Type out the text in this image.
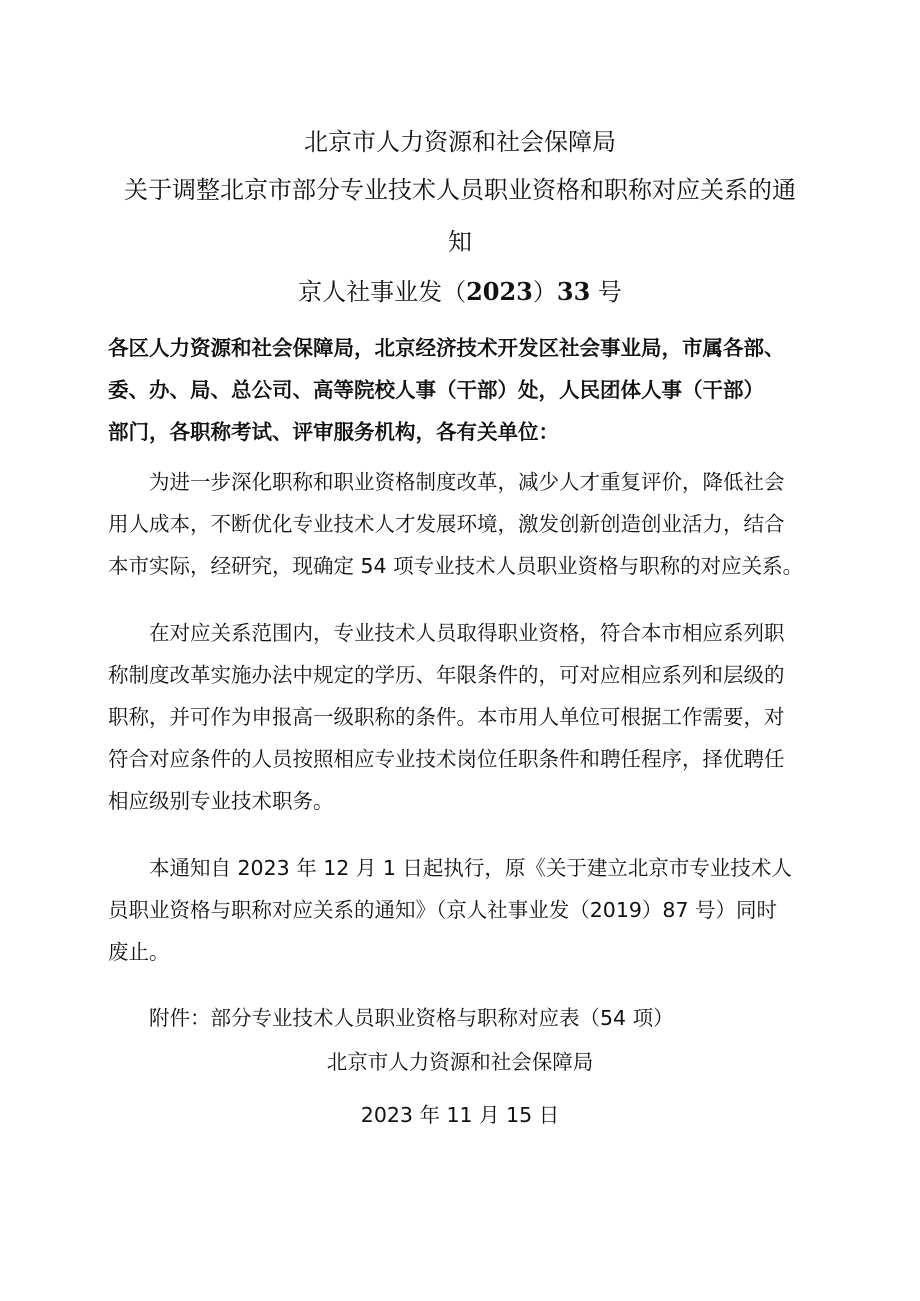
北京市人力资源和社会保障局
关于调整北京市部分专业技术人员职业资格和职称对应关系的通
知
京人社事业发（2023）33 号
各区人力资源和社会保障局，北京经济技术开发区社会事业局，市属各部、
委、办、局、总公司、高等院校人事（干部）处，人民团体人事（干部）
部门，各职称考试、评审服务机构，各有关单位：
为进一步深化职称和职业资格制度改革，减少人才重复评价，降低社会
用人成本，不断优化专业技术人才发展环境，激发创新创造创业活力，结合
本市实际，经研究，现确定 54 项专业技术人员职业资格与职称的对应关系。
在对应关系范围内，专业技术人员取得职业资格，符合本市相应系列职
称制度改革实施办法中规定的学历、年限条件的，可对应相应系列和层级的
职称，并可作为申报高一级职称的条件。本市用人单位可根据工作需要，对
符合对应条件的人员按照相应专业技术岗位任职条件和聘任程序，择优聘任
相应级别专业技术职务。
本通知自 2023 年 12 月 1 日起执行，原《关于建立北京市专业技术人
员职业资格与职称对应关系的通知》（京人社事业发（2019）87 号）同时
废止。
附件：部分专业技术人员职业资格与职称对应表（54 项）
北京市人力资源和社会保障局
2023 年 11 月 15 日
